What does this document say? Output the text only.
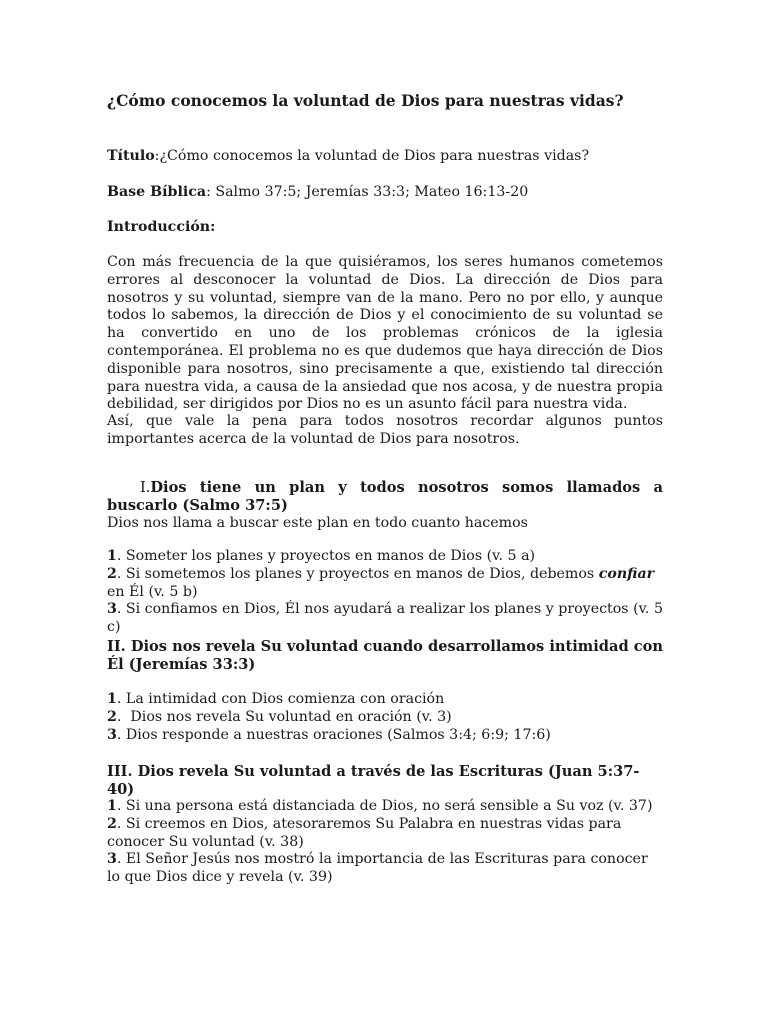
¿Cómo conocemos la voluntad de Dios para nuestras vidas?
Título:¿Cómo conocemos la voluntad de Dios para nuestras vidas?
Base Bíblica: Salmo 37:5; Jeremías 33:3; Mateo 16:13-20
Introducción:

Con más frecuencia de la que quisiéramos, los seres humanos cometemos errores al desconocer la voluntad de Dios. La dirección de Dios para nosotros y su voluntad, siempre van de la mano. Pero no por ello, y aunque todos lo sabemos, la dirección de Dios y el conocimiento de su voluntad se ha convertido en uno de los problemas crónicos de la iglesia contemporánea. El problema no es que dudemos que haya dirección de Dios disponible para nosotros, sino precisamente a que, existiendo tal dirección para nuestra vida, a causa de la ansiedad que nos acosa, y de nuestra propia debilidad, ser dirigidos por Dios no es un asunto fácil para nuestra vida.

Así, que vale la pena para todos nosotros recordar algunos puntos importantes acerca de la voluntad de Dios para nosotros.

I.Dios tiene un plan y todos nosotros somos llamados a
buscarlo (Salmo 37:5)
Dios nos llama a buscar este plan en todo cuanto hacemos
1. Someter los planes y proyectos en manos de Dios (v. 5 a)
2. Si sometemos los planes y proyectos en manos de Dios, debemos confiar en Él (v. 5 b)
3. Si confiamos en Dios, Él nos ayudará a realizar los planes y proyectos (v. 5 c)
II. Dios nos revela Su voluntad cuando desarrollamos intimidad con Él (Jeremías 33:3)
1. La intimidad con Dios comienza con oración
2.  Dios nos revela Su voluntad en oración (v. 3)
3. Dios responde a nuestras oraciones (Salmos 3:4; 6:9; 17:6)
III. Dios revela Su voluntad a través de las Escrituras (Juan 5:37-40)
1. Si una persona está distanciada de Dios, no será sensible a Su voz (v. 37)
2. Si creemos en Dios, atesoraremos Su Palabra en nuestras vidas para conocer Su voluntad (v. 38)
3. El Señor Jesús nos mostró la importancia de las Escrituras para conocer lo que Dios dice y revela (v. 39)
